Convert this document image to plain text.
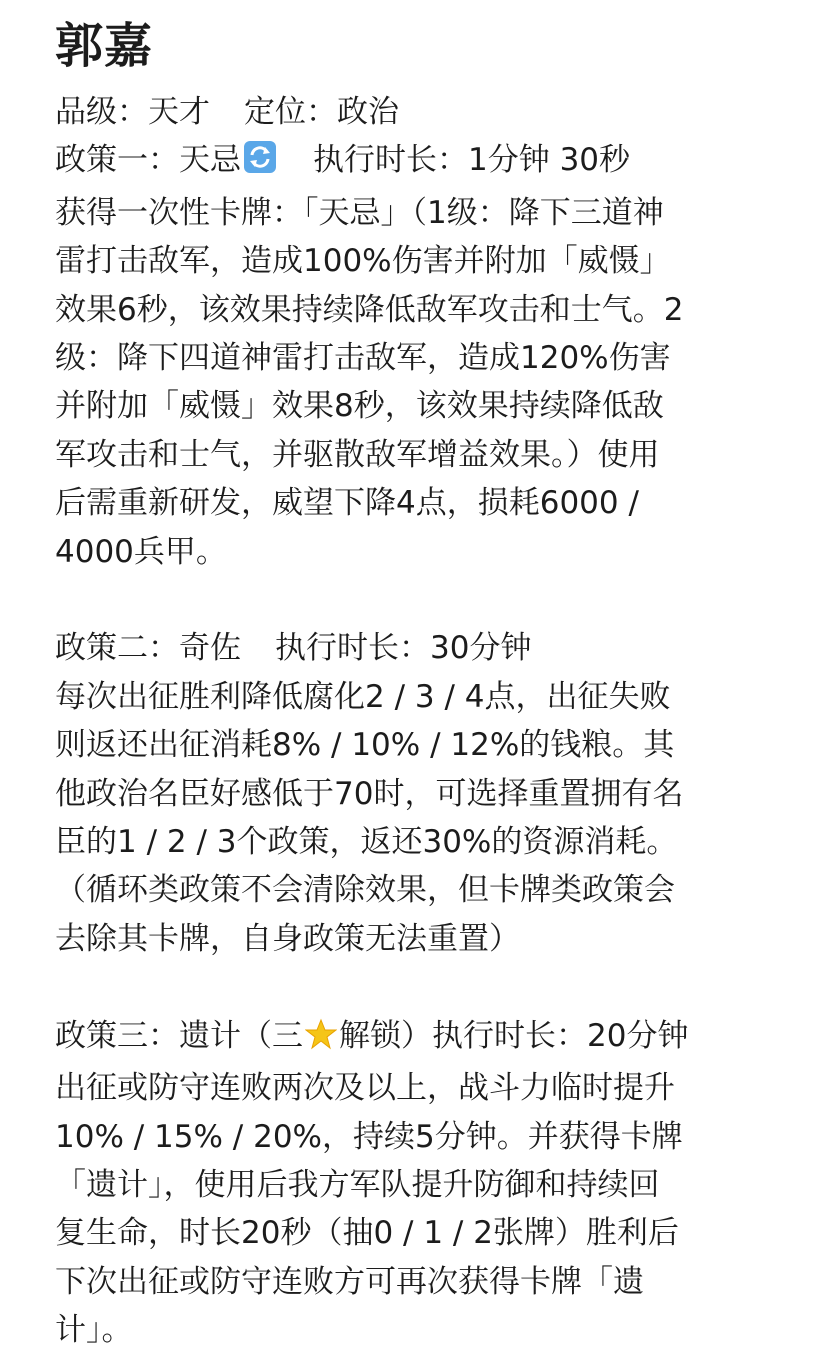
郭嘉
品级：天才 定位：政治
政策一：天忌 执行时长：1分钟 30秒
获得一次性卡牌：「天忌」（1级：降下三道神
雷打击敌军，造成100%伤害并附加「威慑」
效果6秒，该效果持续降低敌军攻击和士气。2
级：降下四道神雷打击敌军，造成120%伤害
并附加「威慑」效果8秒，该效果持续降低敌
军攻击和士气，并驱散敌军增益效果。）使用
后需重新研发，威望下降4点，损耗6000 /
4000兵甲。
政策二：奇佐 执行时长：30分钟
每次出征胜利降低腐化2 / 3 / 4点，出征失败
则返还出征消耗8% / 10% / 12%的钱粮。其
他政治名臣好感低于70时，可选择重置拥有名
臣的1 / 2 / 3个政策，返还30%的资源消耗。
（循环类政策不会清除效果，但卡牌类政策会
去除其卡牌，自身政策无法重置）
政策三：遗计（三 解锁）执行时长：20分钟
出征或防守连败两次及以上，战斗力临时提升
10% / 15% / 20%，持续5分钟。并获得卡牌
「遗计」，使用后我方军队提升防御和持续回
复生命，时长20秒（抽0 / 1 / 2张牌）胜利后
下次出征或防守连败方可再次获得卡牌「遗
计」。
